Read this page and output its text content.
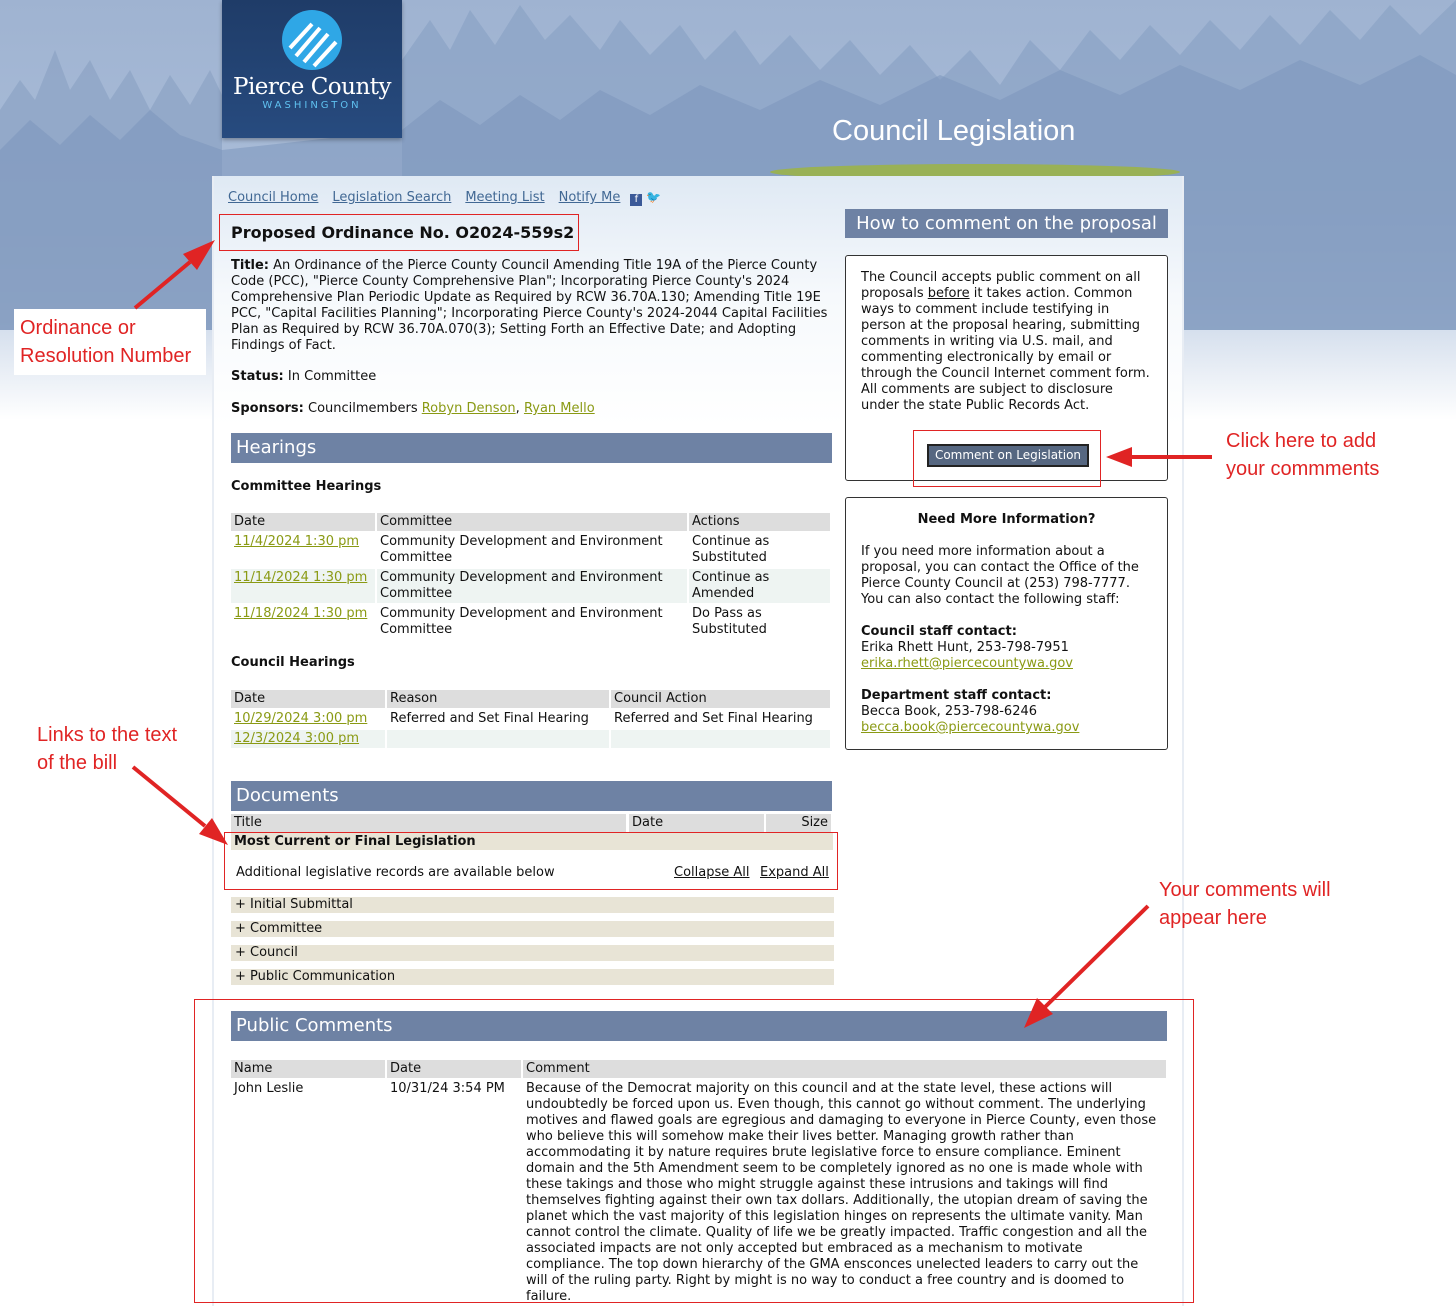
Pierce County
WASHINGTON
Council Legislation
Council Home Legislation Search Meeting List Notify Me f 🐦
Proposed Ordinance No. O2024-559s2
Title: An Ordinance of the Pierce County Council Amending Title 19A of the Pierce County Code (PCC), "Pierce County Comprehensive Plan"; Incorporating Pierce County's 2024 Comprehensive Plan Periodic Update as Required by RCW 36.70A.130; Amending Title 19E PCC, "Capital Facilities Planning"; Incorporating Pierce County's 2024-2044 Capital Facilities Plan as Required by RCW 36.70A.070(3); Setting Forth an Effective Date; and Adopting Findings of Fact.
Status: In Committee
Sponsors: Councilmembers Robyn Denson, Ryan Mello
Hearings
Committee Hearings
Date	Committee	Actions
11/4/2024 1:30 pm	Community Development and Environment Committee	Continue as Substituted
11/14/2024 1:30 pm	Community Development and Environment Committee	Continue as Amended
11/18/2024 1:30 pm	Community Development and Environment Committee	Do Pass as Substituted
Council Hearings
Date	Reason	Council Action
10/29/2024 3:00 pm	Referred and Set Final Hearing	Referred and Set Final Hearing
12/3/2024 3:00 pm		
Documents
Title	Date	Size
Most Current or Final Legislation
Additional legislative records are available below	Collapse All Expand All
+ Initial Submittal
+ Committee
+ Council
+ Public Communication
How to comment on the proposal
The Council accepts public comment on all proposals before it takes action. Common ways to comment include testifying in person at the proposal hearing, submitting comments in writing via U.S. mail, and commenting electronically by email or through the Council Internet comment form. All comments are subject to disclosure under the state Public Records Act.
Comment on Legislation
Need More Information?
If you need more information about a proposal, you can contact the Office of the Pierce County Council at (253) 798-7777. You can also contact the following staff:
Council staff contact:
Erika Rhett Hunt, 253-798-7951
erika.rhett@piercecountywa.gov
Department staff contact:
Becca Book, 253-798-6246
becca.book@piercecountywa.gov
Public Comments
Name	Date	Comment
John Leslie	10/31/24 3:54 PM	Because of the Democrat majority on this council and at the state level, these actions will undoubtedly be forced upon us. Even though, this cannot go without comment. The underlying motives and flawed goals are egregious and damaging to everyone in Pierce County, even those who believe this will somehow make their lives better. Managing growth rather than accommodating it by nature requires brute legislative force to ensure compliance. Eminent domain and the 5th Amendment seem to be completely ignored as no one is made whole with these takings and those who might struggle against these intrusions and takings will find themselves fighting against their own tax dollars. Additionally, the utopian dream of saving the planet which the vast majority of this legislation hinges on represents the ultimate vanity. Man cannot control the climate. Quality of life we be greatly impacted. Traffic congestion and all the associated impacts are not only accepted but embraced as a mechanism to motivate compliance. The top down hierarchy of the GMA ensconces unelected leaders to carry out the will of the ruling party. Right by might is no way to conduct a free country and is doomed to failure.
Ordinance or
Resolution Number
Click here to add
your commments
Links to the text
of the bill
Your comments will
appear here
